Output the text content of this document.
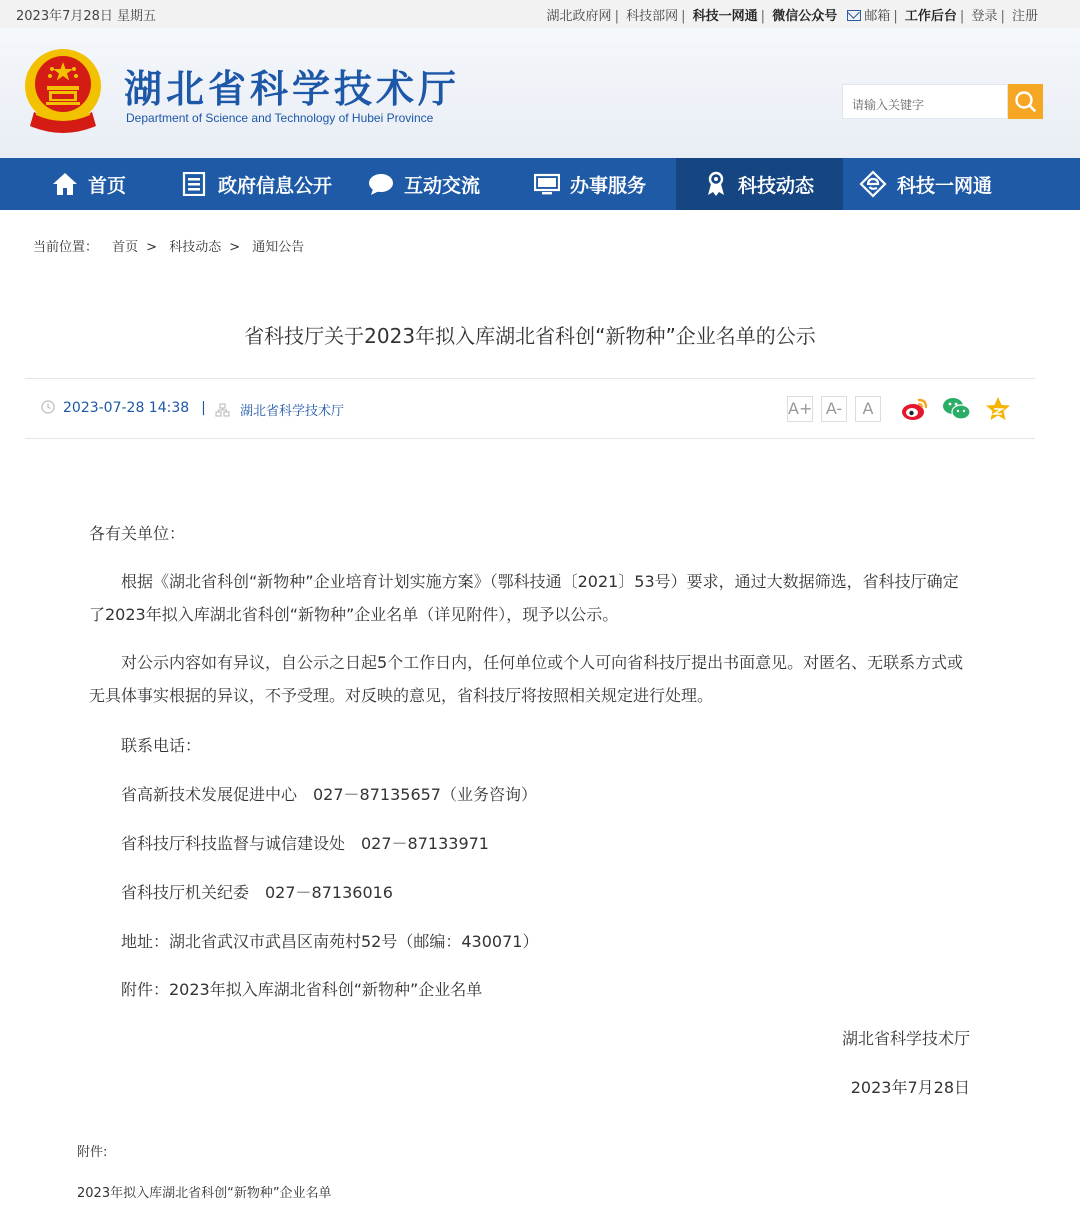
2023年7月28日 星期五	湖北政府网 | 科技部网 | 科技一网通 | 微信公众号 邮箱 | 工作后台 | 登录 | 注册
湖北省科学技术厅
Department of Science and Technology of Hubei Province
请输入关键字
首页	政府信息公开	互动交流	办事服务	科技动态	科技一网通
当前位置： 首页 > 科技动态 > 通知公告
省科技厅关于2023年拟入库湖北省科创“新物种”企业名单的公示
2023-07-28 14:38 |	湖北省科学技术厅	A+ A-	A
各有关单位：
根据《湖北省科创“新物种”企业培育计划实施方案》（鄂科技通〔2021〕53号）要求，通过大数据筛选，省科技厅确定了2023年拟入库湖北省科创“新物种”企业名单（详见附件），现予以公示。
对公示内容如有异议，自公示之日起5个工作日内，任何单位或个人可向省科技厅提出书面意见。对匿名、无联系方式或无具体事实根据的异议，不予受理。对反映的意见，省科技厅将按照相关规定进行处理。
联系电话：
省高新技术发展促进中心　027－87135657（业务咨询）
省科技厅科技监督与诚信建设处　027－87133971
省科技厅机关纪委　027－87136016
地址：湖北省武汉市武昌区南苑村52号（邮编：430071）
附件：2023年拟入库湖北省科创“新物种”企业名单
湖北省科学技术厅
2023年7月28日
附件:
2023年拟入库湖北省科创“新物种”企业名单
